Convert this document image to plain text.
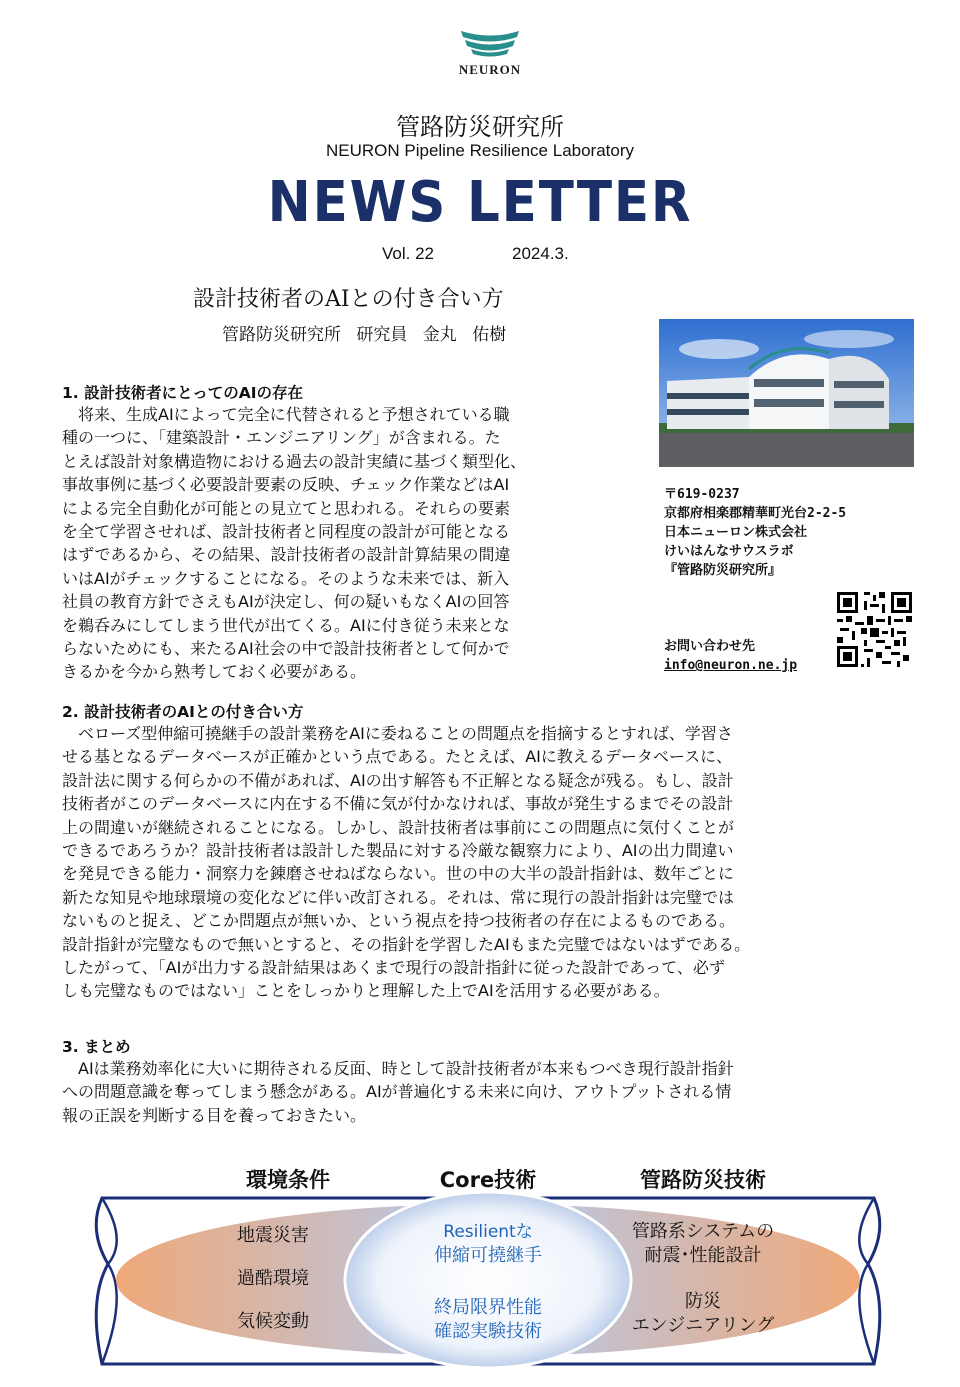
NEURON
管路防災研究所
NEURON Pipeline Resilience Laboratory
NEWS LETTER
Vol. 22	2024.3.
設計技術者のAIとの付き合い方
管路防災研究所 研究員 金丸 佑樹
〒619-0237
京都府相楽郡精華町光台2-2-5
日本ニューロン株式会社
けいはんなサウスラボ
『管路防災研究所』
お問い合わせ先
info@neuron.ne.jp
1. 設計技術者にとってのAIの存在
　将来、生成AIによって完全に代替されると予想されている職
種の一つに、「建築設計・エンジニアリング」が含まれる。た
とえば設計対象構造物における過去の設計実績に基づく類型化、
事故事例に基づく必要設計要素の反映、チェック作業などはAI
による完全自動化が可能との見立てと思われる。それらの要素
を全て学習させれば、設計技術者と同程度の設計が可能となる
はずであるから、その結果、設計技術者の設計計算結果の間違
いはAIがチェックすることになる。そのような未来では、新入
社員の教育方針でさえもAIが決定し、何の疑いもなくAIの回答
を鵜呑みにしてしまう世代が出てくる。AIに付き従う未来とな
らないためにも、来たるAI社会の中で設計技術者として何かで
きるかを今から熟考しておく必要がある。
2. 設計技術者のAIとの付き合い方
　ベローズ型伸縮可撓継手の設計業務をAIに委ねることの問題点を指摘するとすれば、学習さ
せる基となるデータベースが正確かという点である。たとえば、AIに教えるデータベースに、
設計法に関する何らかの不備があれば、AIの出す解答も不正解となる疑念が残る。もし、設計
技術者がこのデータベースに内在する不備に気が付かなければ、事故が発生するまでその設計
上の間違いが継続されることになる。しかし、設計技術者は事前にこの問題点に気付くことが
できるであろうか？設計技術者は設計した製品に対する冷厳な観察力により、AIの出力間違い
を発見できる能力・洞察力を錬磨させねばならない。世の中の大半の設計指針は、数年ごとに
新たな知見や地球環境の変化などに伴い改訂される。それは、常に現行の設計指針は完璧では
ないものと捉え、どこか問題点が無いか、という視点を持つ技術者の存在によるものである。
設計指針が完璧なもので無いとすると、その指針を学習したAIもまた完璧ではないはずである。
したがって、「AIが出力する設計結果はあくまで現行の設計指針に従った設計であって、必ず
しも完璧なものではない」ことをしっかりと理解した上でAIを活用する必要がある。
3. まとめ
　AIは業務効率化に大いに期待される反面、時として設計技術者が本来もつべき現行設計指針
への問題意識を奪ってしまう懸念がある。AIが普遍化する未来に向け、アウトプットされる情
報の正誤を判断する目を養っておきたい。
環境条件	Core技術	管路防災技術
地震災害
過酷環境
気候変動
Resilientな
伸縮可撓継手
終局限界性能
確認実験技術
管路系システムの
耐震･性能設計
防災
エンジニアリング
